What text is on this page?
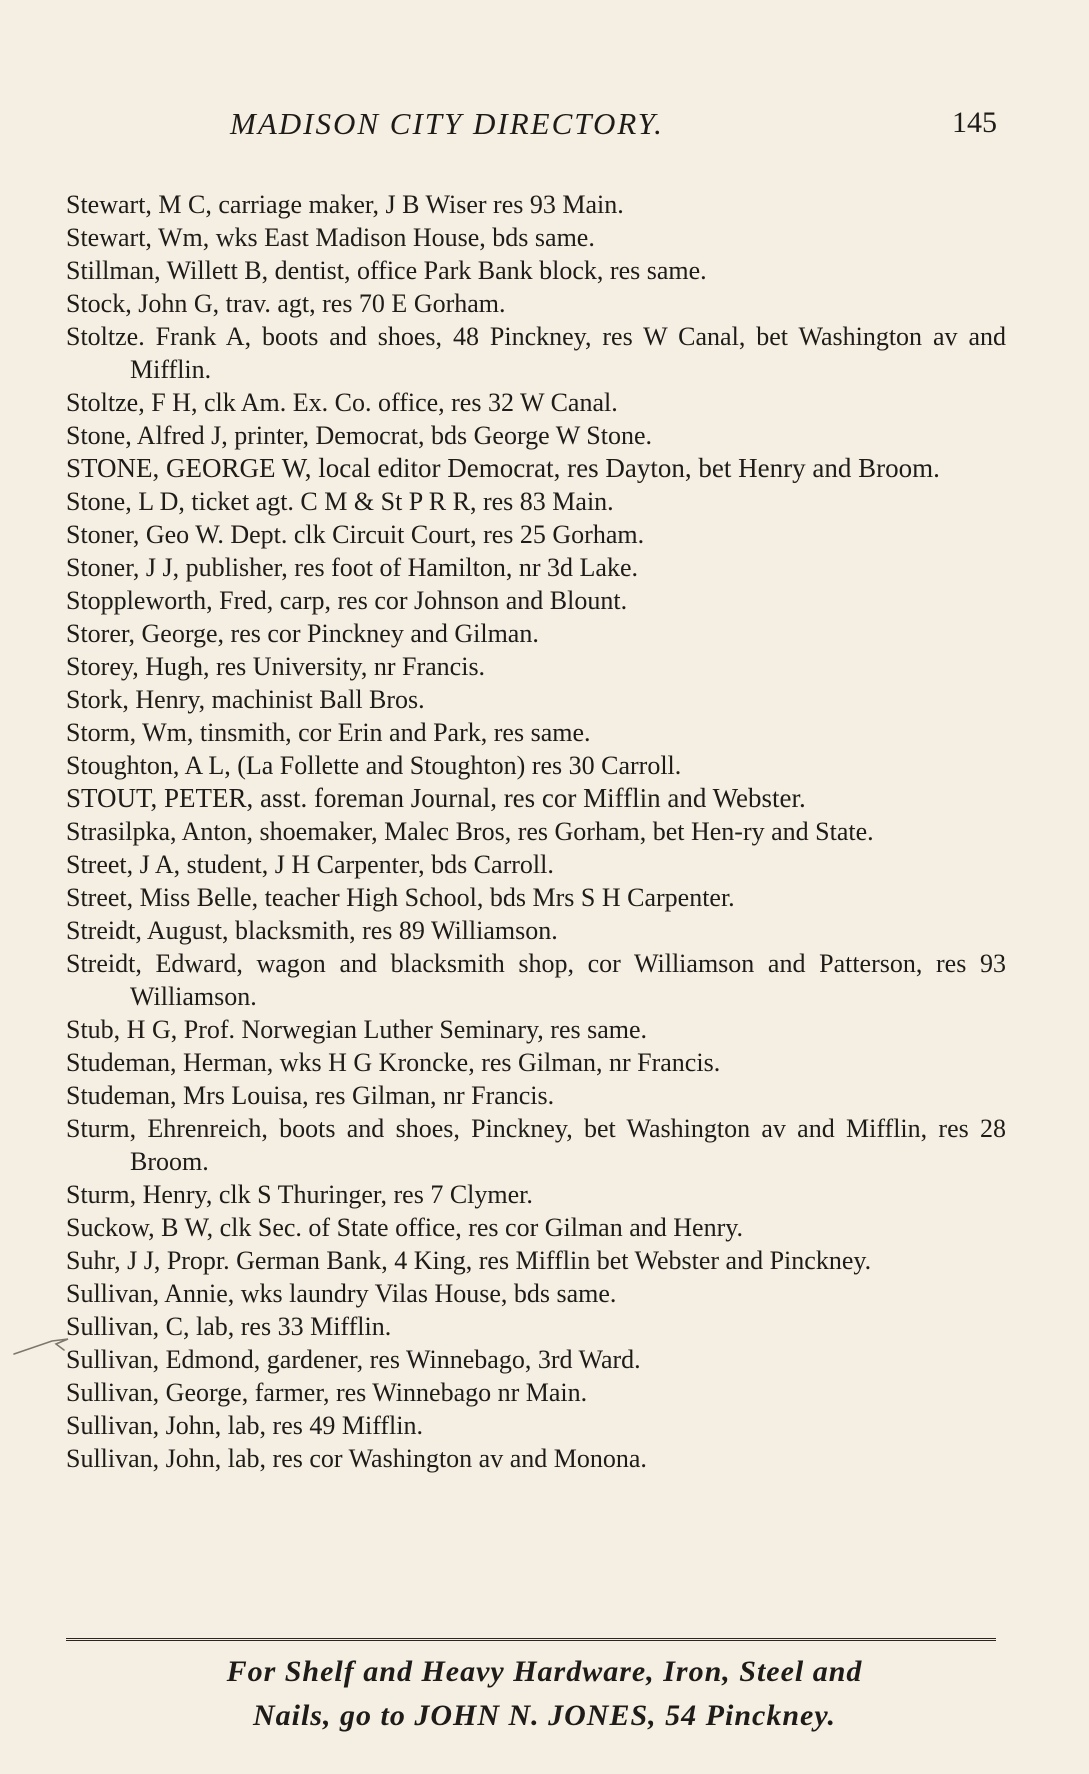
MADISON CITY DIRECTORY.	145
Stewart, M C, carriage maker, J B Wiser res 93 Main.
Stewart, Wm, wks East Madison House, bds same.
Stillman, Willett B, dentist, office Park Bank block, res same.
Stock, John G, trav. agt, res 70 E Gorham.
Stoltze. Frank A, boots and shoes, 48 Pinckney, res W Canal, bet Washington av and Mifflin.
Stoltze, F H, clk Am. Ex. Co. office, res 32 W Canal.
Stone, Alfred J, printer, Democrat, bds George W Stone.
STONE, GEORGE W, local editor Democrat, res Dayton, bet Henry and Broom.
Stone, L D, ticket agt. C M & St P R R, res 83 Main.
Stoner, Geo W. Dept. clk Circuit Court, res 25 Gorham.
Stoner, J J, publisher, res foot of Hamilton, nr 3d Lake.
Stoppleworth, Fred, carp, res cor Johnson and Blount.
Storer, George, res cor Pinckney and Gilman.
Storey, Hugh, res University, nr Francis.
Stork, Henry, machinist Ball Bros.
Storm, Wm, tinsmith, cor Erin and Park, res same.
Stoughton, A L, (La Follette and Stoughton) res 30 Carroll.
STOUT, PETER, asst. foreman Journal, res cor Mifflin and Webster.
Strasilpka, Anton, shoemaker, Malec Bros, res Gorham, bet Hen-ry and State.
Street, J A, student, J H Carpenter, bds Carroll.
Street, Miss Belle, teacher High School, bds Mrs S H Carpenter.
Streidt, August, blacksmith, res 89 Williamson.
Streidt, Edward, wagon and blacksmith shop, cor Williamson and Patterson, res 93 Williamson.
Stub, H G, Prof. Norwegian Luther Seminary, res same.
Studeman, Herman, wks H G Kroncke, res Gilman, nr Francis.
Studeman, Mrs Louisa, res Gilman, nr Francis.
Sturm, Ehrenreich, boots and shoes, Pinckney, bet Washington av and Mifflin, res 28 Broom.
Sturm, Henry, clk S Thuringer, res 7 Clymer.
Suckow, B W, clk Sec. of State office, res cor Gilman and Henry.
Suhr, J J, Propr. German Bank, 4 King, res Mifflin bet Webster and Pinckney.
Sullivan, Annie, wks laundry Vilas House, bds same.
Sullivan, C, lab, res 33 Mifflin.
Sullivan, Edmond, gardener, res Winnebago, 3rd Ward.
Sullivan, George, farmer, res Winnebago nr Main.
Sullivan, John, lab, res 49 Mifflin.
Sullivan, John, lab, res cor Washington av and Monona.
For Shelf and Heavy Hardware, Iron, Steel and
Nails, go to JOHN N. JONES, 54 Pinckney.
